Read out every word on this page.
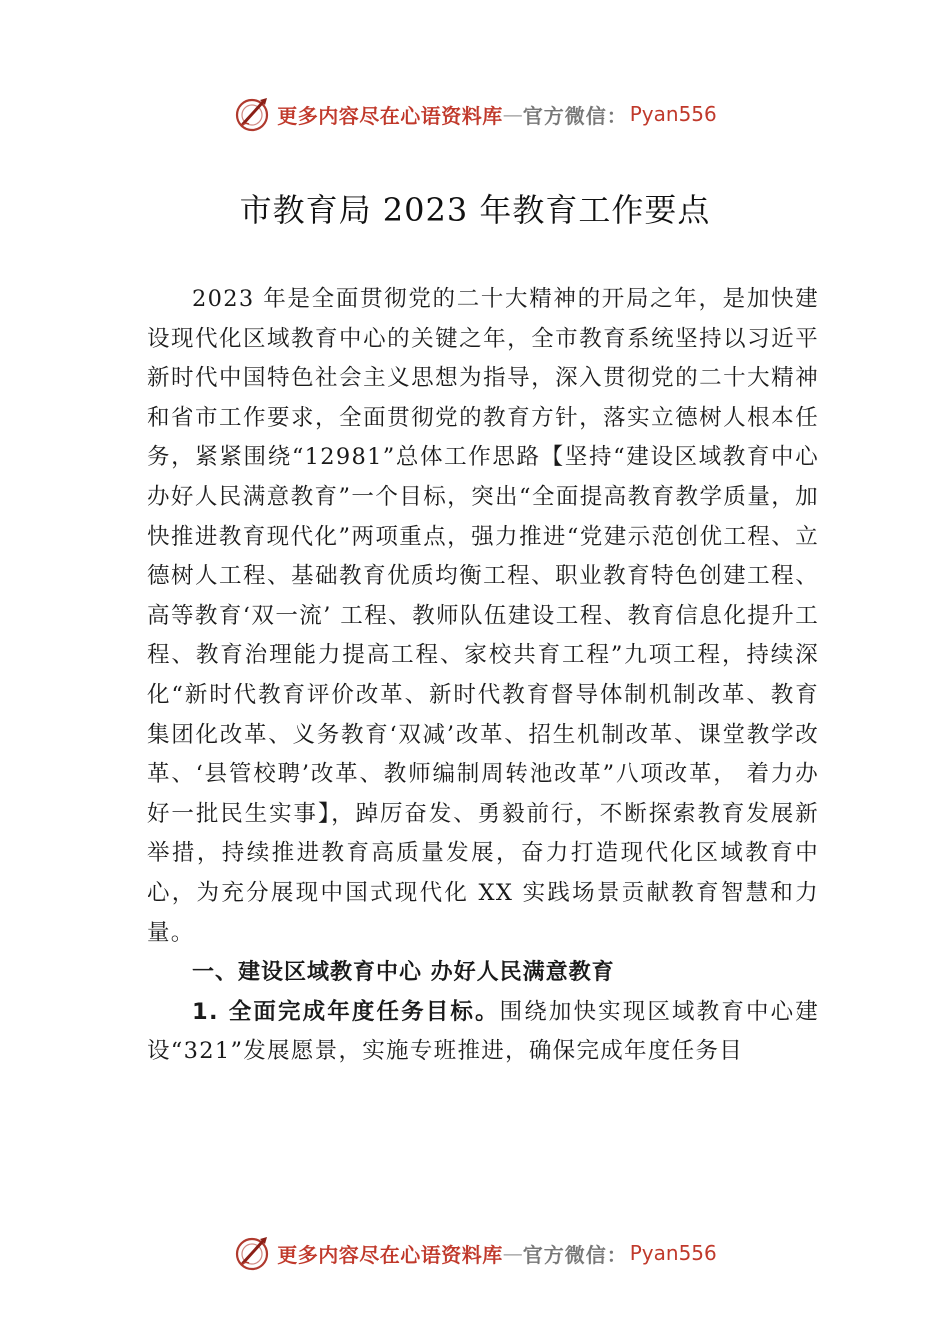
更多内容尽在心语资料库 — 官方微信： Pyan556
市教育局 2023 年教育工作要点

2023 年是全面贯彻党的二十大精神的开局之年，是加快建设现代化区域教育中心的关键之年，全市教育系统坚持以习近平新时代中国特色社会主义思想为指导，深入贯彻党的二十大精神和省市工作要求，全面贯彻党的教育方针，落实立德树人根本任务，紧紧围绕“12981”总体工作思路【坚持“建设区域教育中心 办好人民满意教育”一个目标，突出“全面提高教育教学质量，加快推进教育现代化”两项重点，强力推进“党建示范创优工程、立德树人工程、基础教育优质均衡工程、职业教育特色创建工程、高等教育‘双一流’ 工程、教师队伍建设工程、教育信息化提升工程、教育治理能力提高工程、家校共育工程”九项工程，持续深化“新时代教育评价改革、新时代教育督导体制机制改革、教育集团化改革、义务教育‘双减’改革、招生机制改革、课堂教学改革、‘县管校聘’改革、教师编制周转池改革”八项改革， 着力办好一批民生实事】，踔厉奋发、勇毅前行，不断探索教育发展新举措，持续推进教育高质量发展，奋力打造现代化区域教育中心，为充分展现中国式现代化 XX 实践场景贡献教育智慧和力量。

一、建设区域教育中心 办好人民满意教育

1. 全面完成年度任务目标。围绕加快实现区域教育中心建设“321”发展愿景，实施专班推进，确保完成年度任务目

更多内容尽在心语资料库 — 官方微信： Pyan556
